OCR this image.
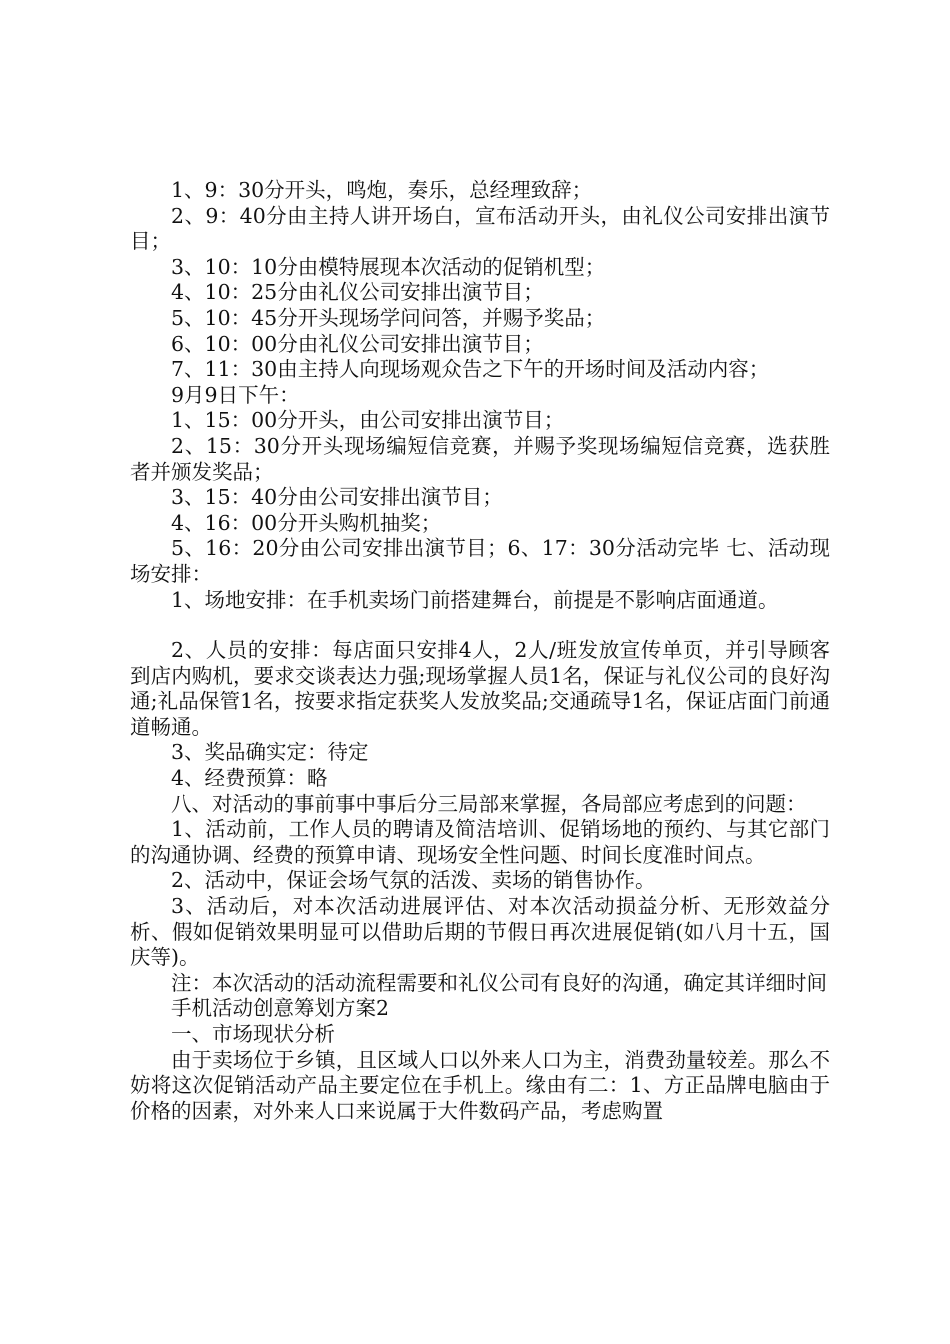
1、9：30分开头，鸣炮，奏乐，总经理致辞；

2、9：40分由主持人讲开场白，宣布活动开头，由礼仪公司安排出演节目；

3、10：10分由模特展现本次活动的促销机型；

4、10：25分由礼仪公司安排出演节目；

5、10：45分开头现场学问问答，并赐予奖品；

6、10：00分由礼仪公司安排出演节目；

7、11：30由主持人向现场观众告之下午的开场时间及活动内容；

9月9日下午：

1、15：00分开头，由公司安排出演节目；

2、15：30分开头现场编短信竞赛，并赐予奖现场编短信竞赛，选获胜者并颁发奖品；

3、15：40分由公司安排出演节目；

4、16：00分开头购机抽奖；

5、16：20分由公司安排出演节目；6、17：30分活动完毕 七、活动现场安排：

1、场地安排：在手机卖场门前搭建舞台，前提是不影响店面通道。

2、人员的安排：每店面只安排4人，2人/班发放宣传单页，并引导顾客到店内购机，要求交谈表达力强;现场掌握人员1名，保证与礼仪公司的良好沟通;礼品保管1名，按要求指定获奖人发放奖品;交通疏导1名，保证店面门前通道畅通。

3、奖品确实定：待定

4、经费预算：略

八、对活动的事前事中事后分三局部来掌握，各局部应考虑到的问题：

1、活动前，工作人员的聘请及简洁培训、促销场地的预约、与其它部门的沟通协调、经费的预算申请、现场安全性问题、时间长度准时间点。

2、活动中，保证会场气氛的活泼、卖场的销售协作。

3、活动后，对本次活动进展评估、对本次活动损益分析、无形效益分析、假如促销效果明显可以借助后期的节假日再次进展促销(如八月十五，国庆等)。

注：本次活动的活动流程需要和礼仪公司有良好的沟通，确定其详细时间

手机活动创意筹划方案2

一、市场现状分析

由于卖场位于乡镇，且区域人口以外来人口为主，消费劲量较差。那么不妨将这次促销活动产品主要定位在手机上。缘由有二：1、方正品牌电脑由于价格的因素，对外来人口来说属于大件数码产品，考虑购置
